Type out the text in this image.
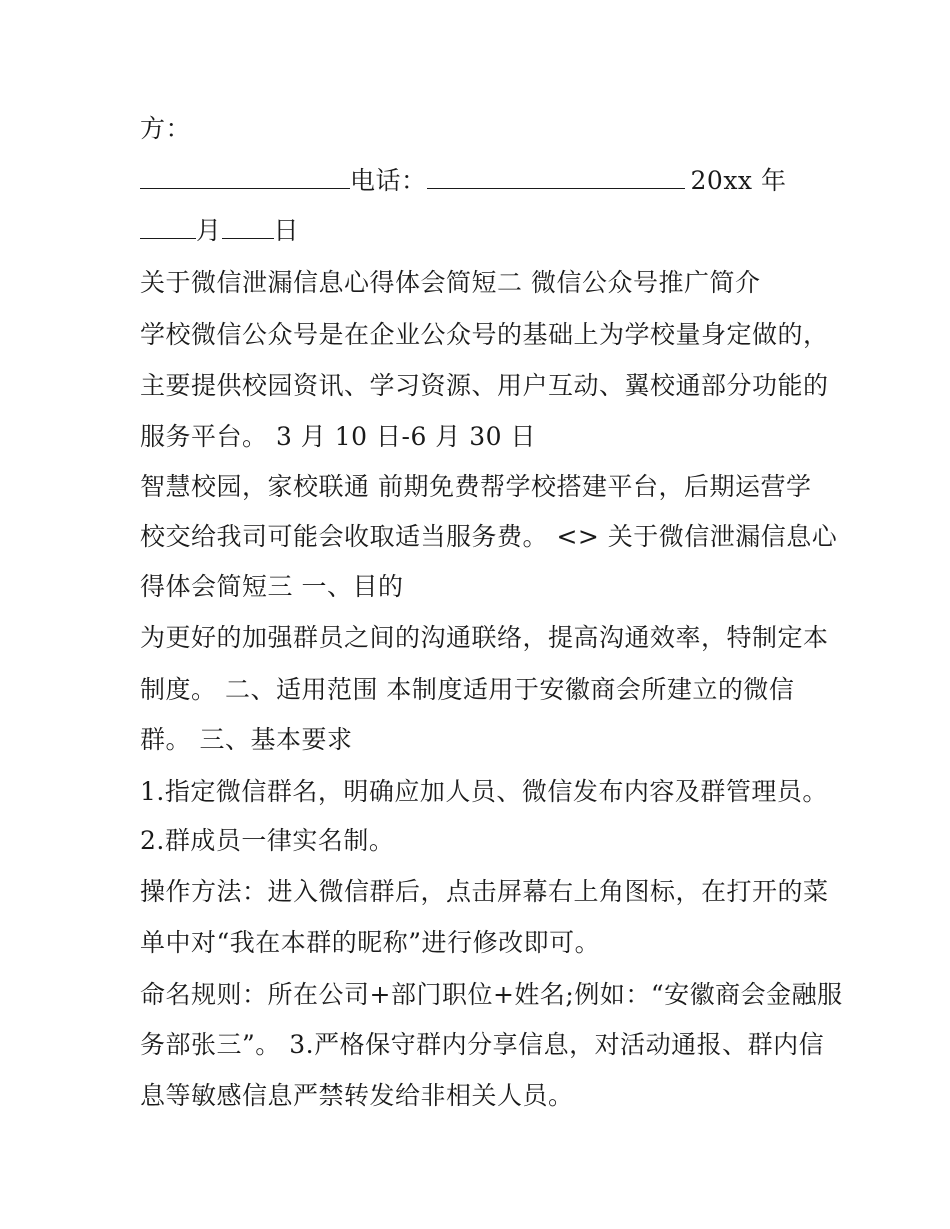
方：
电话：	20xx 年
月 日
关于微信泄漏信息心得体会简短二 微信公众号推广简介
学校微信公众号是在企业公众号的基础上为学校量身定做的，
主要提供校园资讯、学习资源、用户互动、翼校通部分功能的
服务平台。 3 月 10 日-6 月 30 日
智慧校园，家校联通 前期免费帮学校搭建平台，后期运营学
校交给我司可能会收取适当服务费。 <> 关于微信泄漏信息心
得体会简短三 一、目的
为更好的加强群员之间的沟通联络，提高沟通效率，特制定本
制度。 二、适用范围 本制度适用于安徽商会所建立的微信
群。 三、基本要求
1.指定微信群名，明确应加人员、微信发布内容及群管理员。
2.群成员一律实名制。
操作方法：进入微信群后，点击屏幕右上角图标，在打开的菜
单中对“我在本群的昵称”进行修改即可。
命名规则：所在公司+部门职位+姓名;例如：“安徽商会金融服
务部张三”。 3.严格保守群内分享信息，对活动通报、群内信
息等敏感信息严禁转发给非相关人员。
